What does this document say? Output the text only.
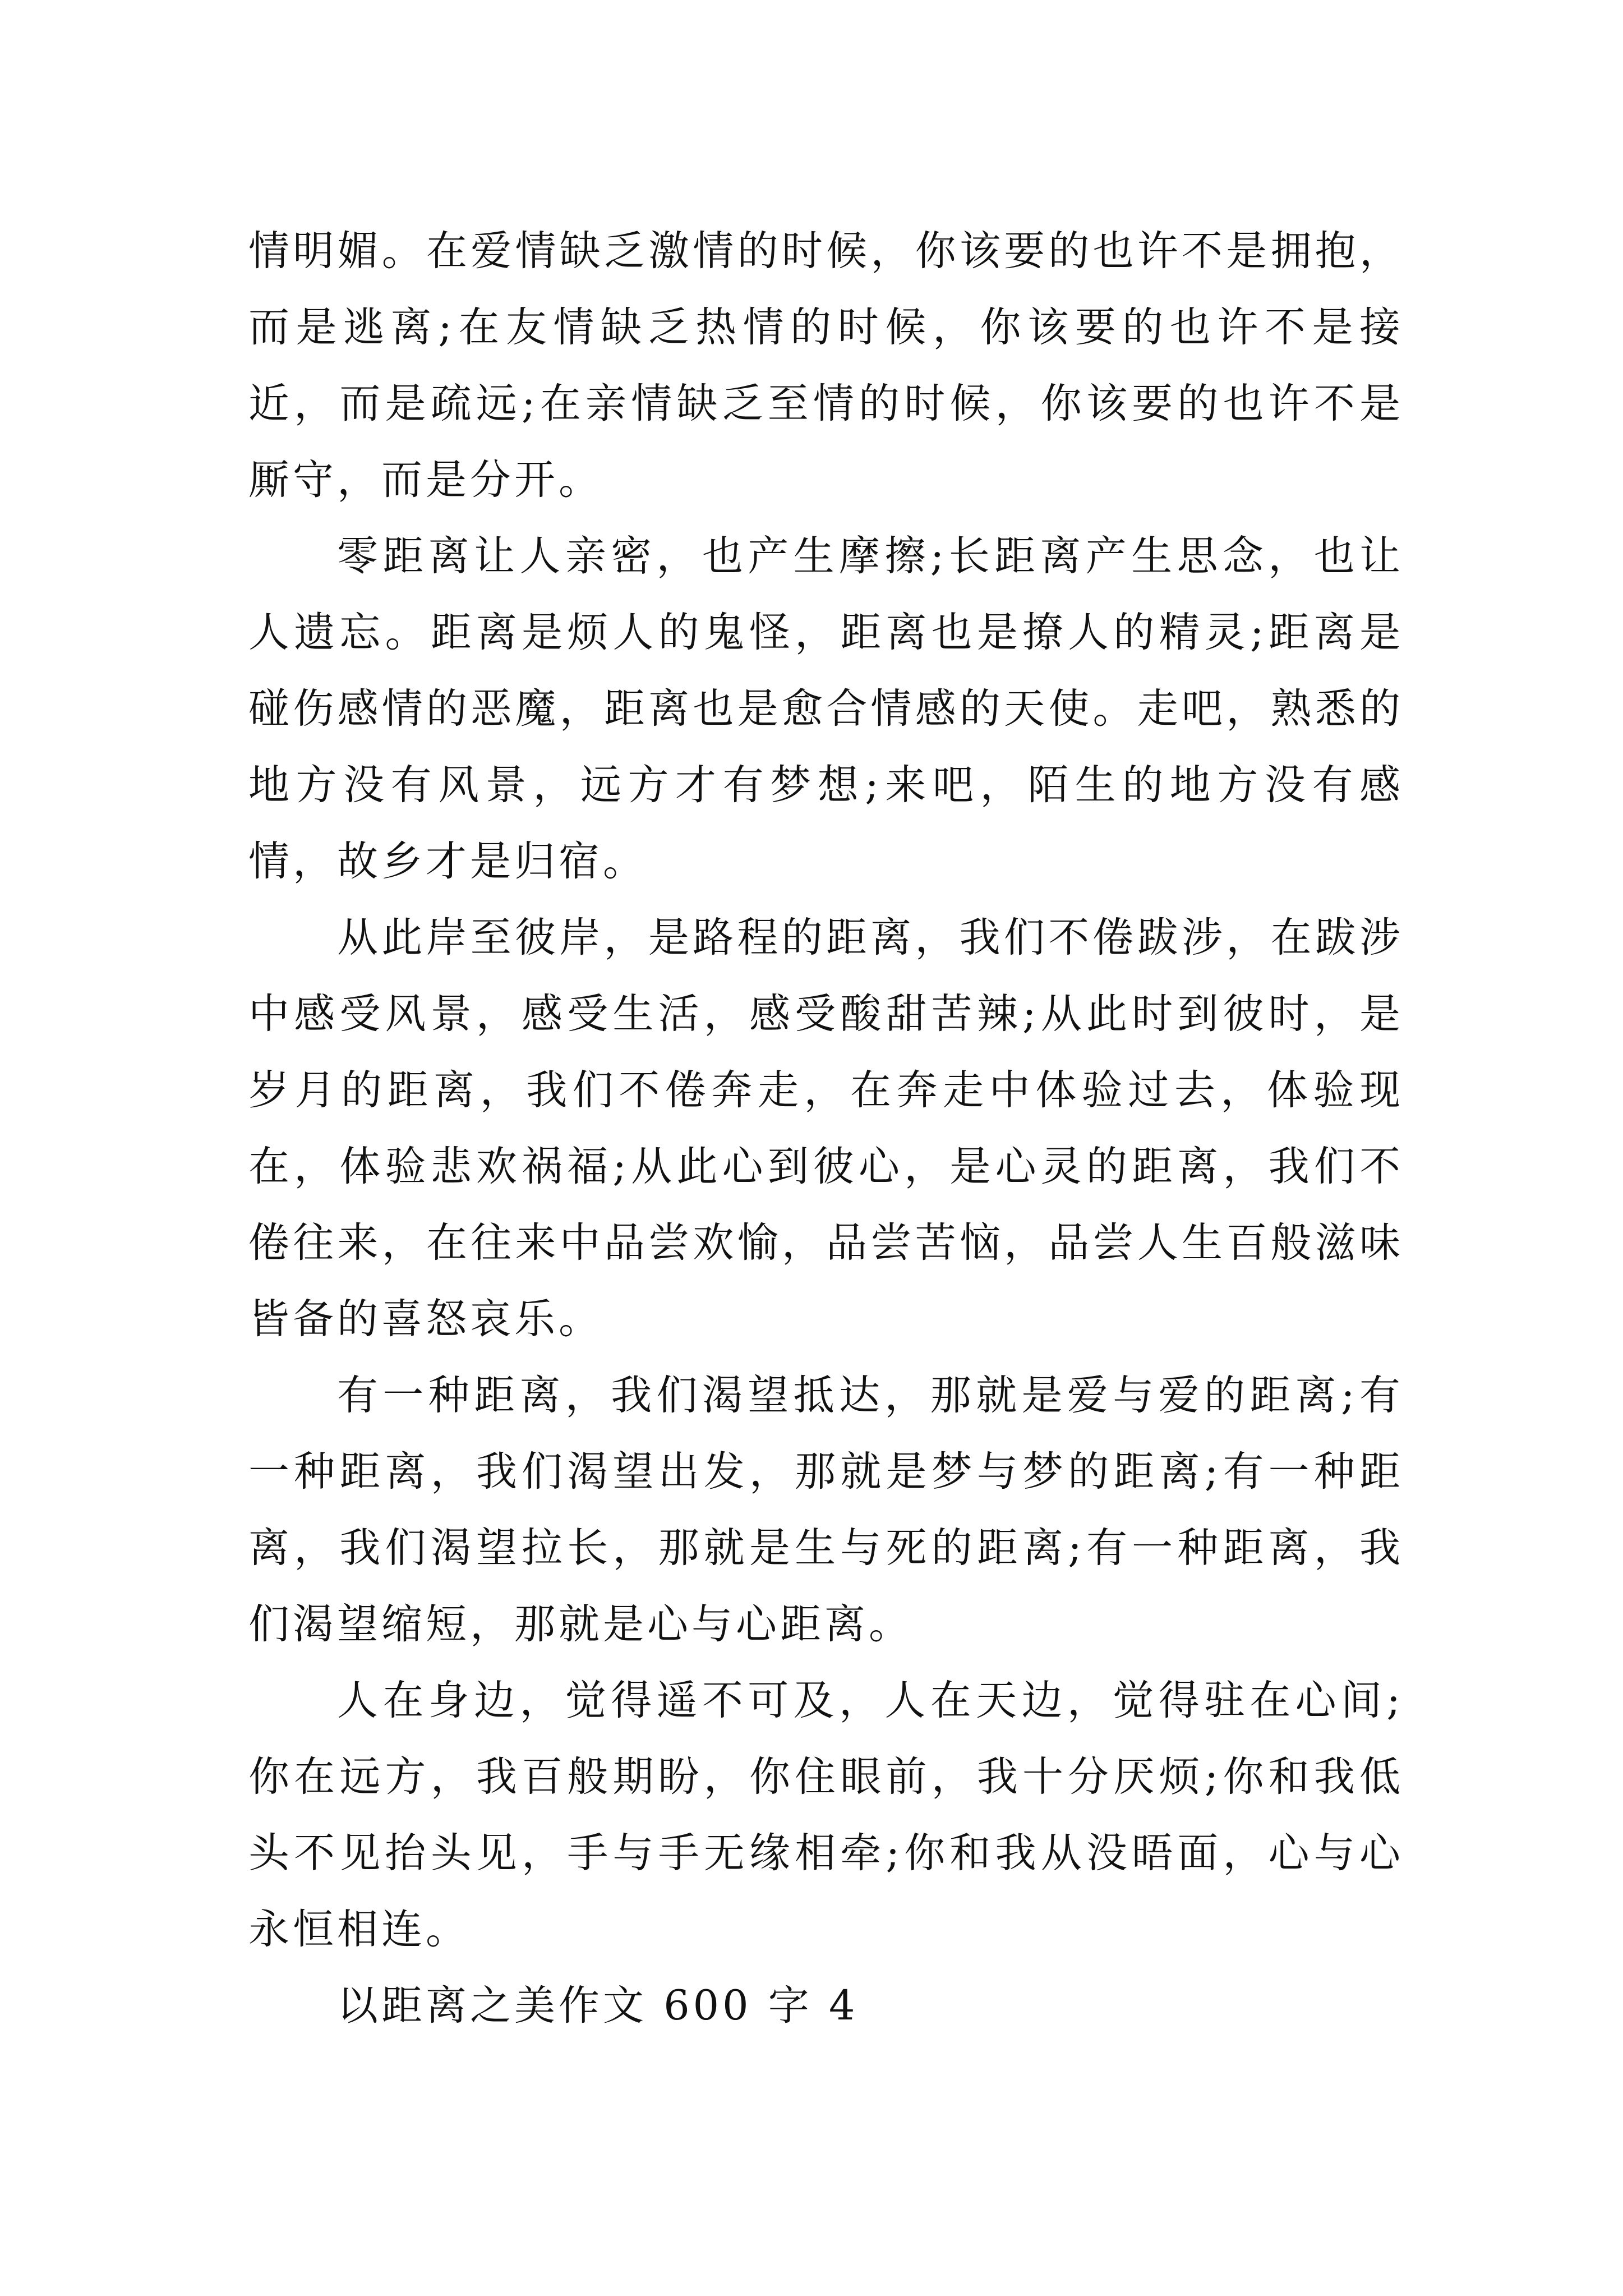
情明媚。在爱情缺乏激情的时候，你该要的也许不是拥抱，而是逃离;在友情缺乏热情的时候，你该要的也许不是接近，而是疏远;在亲情缺乏至情的时候，你该要的也许不是厮守，而是分开。

零距离让人亲密，也产生摩擦;长距离产生思念，也让人遗忘。距离是烦人的鬼怪，距离也是撩人的精灵;距离是碰伤感情的恶魔，距离也是愈合情感的天使。走吧，熟悉的地方没有风景，远方才有梦想;来吧，陌生的地方没有感情，故乡才是归宿。

从此岸至彼岸，是路程的距离，我们不倦跋涉，在跋涉中感受风景，感受生活，感受酸甜苦辣;从此时到彼时，是岁月的距离，我们不倦奔走，在奔走中体验过去，体验现在，体验悲欢祸福;从此心到彼心，是心灵的距离，我们不倦往来，在往来中品尝欢愉，品尝苦恼，品尝人生百般滋味皆备的喜怒哀乐。

有一种距离，我们渴望抵达，那就是爱与爱的距离;有一种距离，我们渴望出发，那就是梦与梦的距离;有一种距离，我们渴望拉长，那就是生与死的距离;有一种距离，我们渴望缩短，那就是心与心距离。

人在身边，觉得遥不可及，人在天边，觉得驻在心间;你在远方，我百般期盼，你住眼前，我十分厌烦;你和我低头不见抬头见，手与手无缘相牵;你和我从没晤面，心与心永恒相连。

以距离之美作文 600 字 4
